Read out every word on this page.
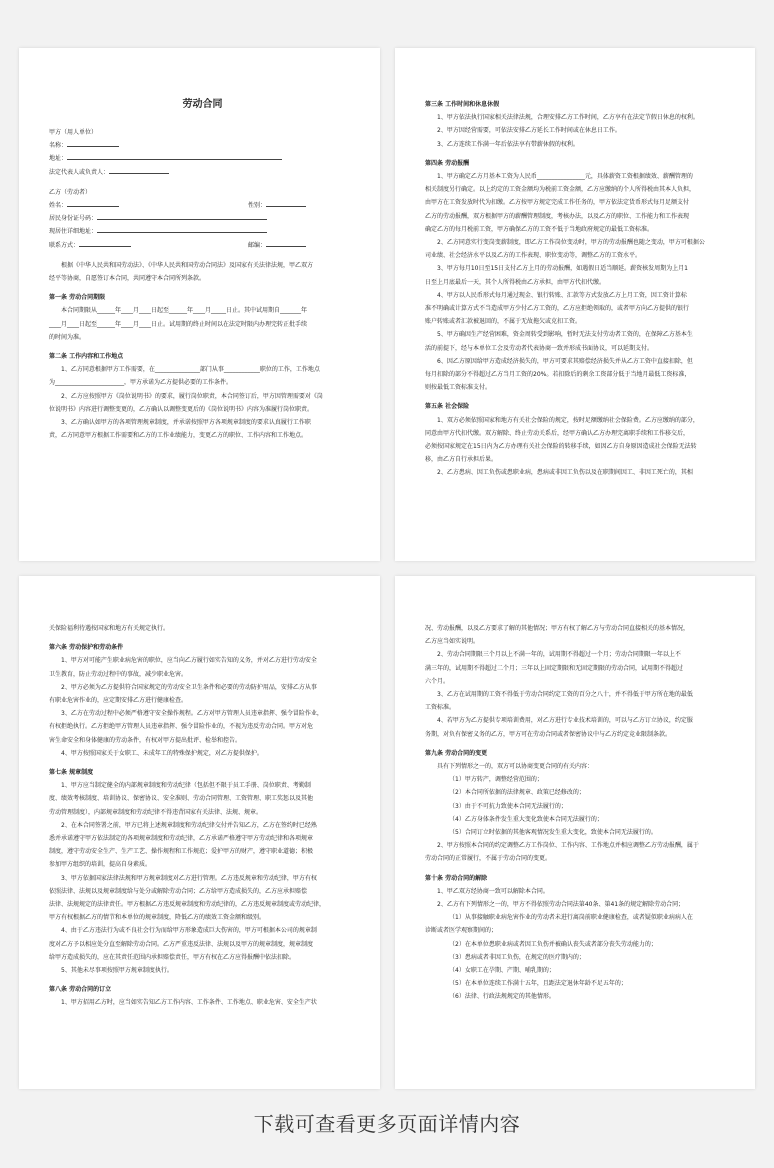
劳动合同
甲方（用人单位）
名称：
地址：
法定代表人或负责人：
乙方（劳动者）
姓名：	性别：
居民身份证号码：
现居住详细地址：
联系方式：	邮编：
根据《中华人民共和国劳动法》、《中华人民共和国劳动合同法》及国家有关法律法规，甲乙双方
经平等协商，自愿签订本合同，共同遵守本合同所列条款。
第一条 劳动合同期限
本合同期限从______年____月____日起至______年____月_____日止。其中试用期自_______年
____月____日起至______年____月____日止。试用期的终止时间以在法定时限内办理完转正批手续
的时间为准。
第二条 工作内容和工作地点
1、乙方同意根据甲方工作需要，在_______________部门从事____________职位的工作，工作地点
为_______________________，甲方承诺为乙方提供必要的工作条件。
2、乙方应按照甲方《岗位说明书》的要求，履行岗位职责，本合同签订后，甲方因管理需要对《岗
位说明书》内容进行调整变更的，乙方确认以调整变更后的《岗位说明书》内容为准履行岗位职责。
3、乙方确认如甲方的各项管理规章制度，并承诺按照甲方各项规章制度的要求认真履行工作职
责，乙方同意甲方根据工作需要和乙方的工作业绩能力，变更乙方的职位、工作内容和工作地点。
第三条 工作时间和休息休假
1、甲方依法执行国家相关法律法规，合理安排乙方工作时间，乙方享有在法定节假日休息的权利。
2、甲方因经营需要，可依法安排乙方延长工作时间或在休息日工作。
3、乙方连续工作满一年后依法享有带薪休假的权利。
第四条 劳动报酬
1、甲方确定乙方月基本工资为人民币________________元，具体薪资工资根据绩效、薪酬管理的
相关制度另行确定。以上约定的工资金额均为税前工资金额，乙方应缴纳的个人所得税由其本人负担，
由甲方在工资发放时代为扣缴。乙方按甲方规定完成工作任务的，甲方依法定货币形式每月足额支付
乙方的劳动报酬，双方根据甲方的薪酬管理制度，考核办法，以及乙方的职位、工作能力和工作表现
确定乙方的每月税前工资，甲方确保乙方的工资不低于当地政府规定的最低工资标准。
2、乙方同意实行变岗变薪制度，即乙方工作岗位变动时，甲方的劳动报酬也随之变动，甲方可根据公
司业绩、社会经济水平以及乙方的工作表现、职位变动等，调整乙方的工资水平。
3、甲方每月10日至15日支付乙方上月的劳动报酬，如遇假日适当顺延。薪资核发周期为上月1
日至上月底最后一天，其个人所得税由乙方承担，由甲方代扣代缴。
4、甲方以人民币形式每月通过现金、银行转账、汇款等方式发放乙方上月工资，因工资计算标
准不明确或计算方式不当造成甲方少付乙方工资的，乙方应拒绝领取的，或者甲方向乙方提供的银行
账户转账或者汇款被退回的，不属于无故拖欠或克扣工资。
5、甲方确因生产经营困难，资金周转受到影响，暂时无法支付劳动者工资的，在保障乙方基本生
活的前提下，经与本单位工会及劳动者代表协商一致并形成书面协议，可以延期支付。
6、因乙方原因给甲方造成经济损失的，甲方可要求其赔偿经济损失并从乙方工资中直接扣除，但
每月扣除的部分不得超过乙方当月工资的20%。若扣除后的剩余工资部分低于当地月最低工资标准，
则按最低工资标准支付。
第五条 社会保险
1、双方必须依照国家和地方有关社会保险的规定，按时足额缴纳社会保险费。乙方应缴纳的部分，
同意由甲方代扣代缴。双方解除、终止劳动关系后，经甲方确认乙方办理完离职手续和工作移交后，
必须按国家规定在15日内为乙方办理有关社会保险的转移手续，如因乙方自身原因造成社会保险无法转
移，由乙方自行承担后果。
2、乙方患病、因工负伤或患职业病，患病或非因工负伤以及在职期间因工、非因工死亡的，其相
关保险福利待遇按国家和地方有关规定执行。
第六条 劳动保护和劳动条件
1、甲方对可能产生职业病危害的职位，应当向乙方履行如实告知的义务，并对乙方进行劳动安全
卫生教育，防止劳动过程中的事故，减少职业危害。
2、甲方必须为乙方提供符合国家规定的劳动安全卫生条件和必要的劳动防护用品，安排乙方从事
有职业危害作业的，应定期安排乙方进行健康检查。
3、乙方在劳动过程中必须严格遵守安全操作规程。乙方对甲方管理人员违章指挥、强令冒险作业，
有权拒绝执行。乙方拒绝甲方管理人员违章指挥、强令冒险作业的，不视为违反劳动合同。甲方对危
害生命安全和身体健康的劳动条件，有权对甲方提出批评、检举和控告。
4、甲方按照国家关于女职工、未成年工的特殊保护规定，对乙方提供保护。
第七条 规章制度
1、甲方应当制定健全的内部规章制度和劳动纪律（包括但不限于员工手册、岗位职责、考勤制
度、绩效考核制度、培训协议、保密协议、安全准则、劳动合同管理、工资管理、职工奖惩以及其他
劳动管理制度），内部规章制度和劳动纪律不得违背国家有关法律、法规、规章。
2、在本合同签署之前，甲方已将上述规章制度和劳动纪律交付并告知乙方，乙方在签约时已经熟
悉并承诺遵守甲方依法制定的各项规章制度和劳动纪律，乙方承诺严格遵守甲方劳动纪律和各项规章
制度，遵守劳动安全生产、生产工艺、操作规程和工作规范；爱护甲方的财产，遵守职业道德；积极
参加甲方组织的培训，提高自身素质。
3、甲方依据国家法律法规和甲方规章制度对乙方进行管理。乙方违反规章和劳动纪律，甲方有权
依照法律、法规以及规章制度给与处分或解除劳动合同；乙方给甲方造成损失的，乙方应承担赔偿
法律、法规规定的法律责任。甲方根据乙方违反规章制度和劳动纪律的，乙方违反规章制度或劳动纪律，
甲方有权根据乙方的情节和本单位的规章制度，降低乙方的绩效工资金额和级别。
4、由于乙方违法行为或不良社会行为而给甲方形象造成巨大伤害的，甲方可根据本公司的规章制
度对乙方予以相应处分直至解除劳动合同。乙方严重违反法律、法规以及甲方的规章制度，规章制度
给甲方造成损失的，应在其责任范围内承担赔偿责任，甲方有权在乙方应得报酬中依法扣除。
5、其他未尽事项按照甲方规章制度执行。
第八条 劳动合同的订立
1、甲方招用乙方时，应当如实告知乙方工作内容、工作条件、工作地点、职业危害、安全生产状
况、劳动报酬，以及乙方要求了解的其他情况；甲方有权了解乙方与劳动合同直接相关的基本情况，
乙方应当如实说明。
2、劳动合同期限三个月以上不满一年的，试用期不得超过一个月；劳动合同期限一年以上不
满三年的，试用期不得超过二个月；三年以上固定期限和无固定期限的劳动合同，试用期不得超过
六个月。
3、乙方在试用期的工资不得低于劳动合同约定工资的百分之八十，并不得低于甲方所在地的最低
工资标准。
4、若甲方为乙方提供专项培训费用，对乙方进行专业技术培训的，可以与乙方订立协议，约定服
务期，对负有保密义务的乙方，甲方可在劳动合同或者保密协议中与乙方约定竞业限制条款。
第九条 劳动合同的变更
具有下列情形之一的，双方可以协商变更合同的有关内容：
（1）甲方转产，调整经营范围的；
（2）本合同所依据的法律规章、政策已经修改的；
（3）由于不可抗力致使本合同无法履行的；
（4）乙方身体条件发生重大变化致使本合同无法履行的；
（5）合同订立时依据的其他客观情况发生重大变化，致使本合同无法履行的。
2、甲方按照本合同的约定调整乙方工作岗位、工作内容、工作地点并相应调整乙方劳动报酬，属于
劳动合同的正常履行，不属于劳动合同的变更。
第十条 劳动合同的解除
1、甲乙双方经协商一致可以解除本合同。
2、乙方有下列情形之一的，甲方不得依照劳动合同法第40条、第41条的规定解除劳动合同；
（1）从事接触职业病危害作业的劳动者未进行离岗前职业健康检查，或者疑似职业病病人在
诊断或者医学观察期间的；
（2）在本单位患职业病或者因工负伤并被确认丧失或者部分丧失劳动能力的；
（3）患病或者非因工负伤，在规定的医疗期内的；
（4）女职工在孕期、产期、哺乳期的；
（5）在本单位连续工作满十五年，且距法定退休年龄不足五年的；
（6）法律、行政法规规定的其他情形。
下载可查看更多页面详情内容
